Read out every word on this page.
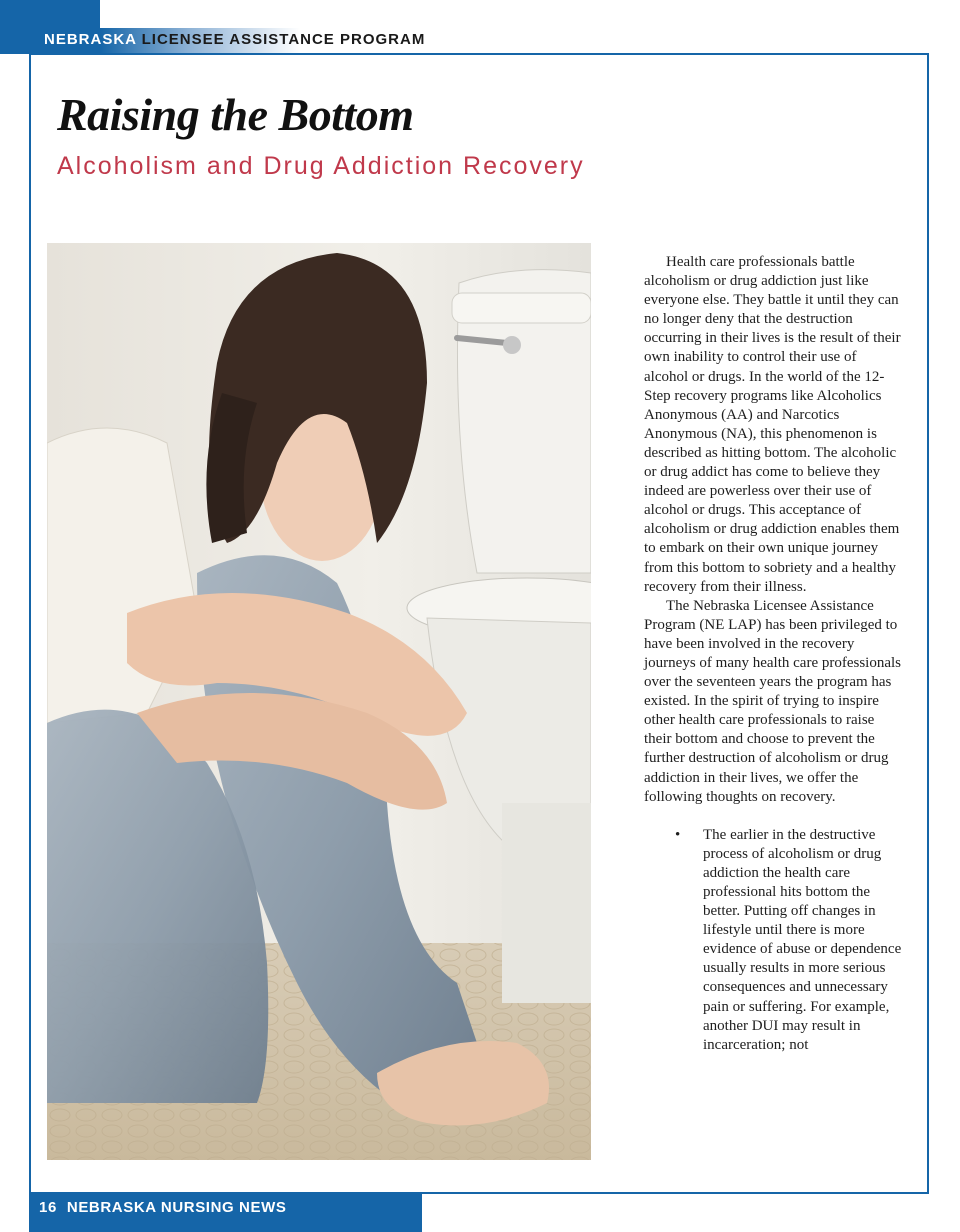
NEBRASKA LICENSEE ASSISTANCE PROGRAM
Raising the Bottom
Alcoholism and Drug Addiction Recovery

Health care professionals battle alcoholism or drug addiction just like everyone else. They battle it until they can no longer deny that the destruction occurring in their lives is the result of their own inability to control their use of alcohol or drugs. In the world of the 12-Step recovery programs like Alcoholics Anonymous (AA) and Narcotics Anonymous (NA), this phenomenon is described as hitting bottom. The alcoholic or drug addict has come to believe they indeed are powerless over their use of alcohol or drugs. This acceptance of alcoholism or drug addiction enables them to embark on their own unique journey from this bottom to sobriety and a healthy recovery from their illness.

The Nebraska Licensee Assistance Program (NE LAP) has been privileged to have been involved in the recovery journeys of many health care professionals over the seventeen years the program has existed. In the spirit of trying to inspire other health care professionals to raise their bottom and choose to prevent the further destruction of alcoholism or drug addiction in their lives, we offer the following thoughts on recovery.

• The earlier in the destructive process of alcoholism or drug addiction the health care professional hits bottom the better. Putting off changes in lifestyle until there is more evidence of abuse or dependence usually results in more serious consequences and unnecessary pain or suffering. For example, another DUI may result in incarceration; not
16 NEBRASKA NURSING NEWS
